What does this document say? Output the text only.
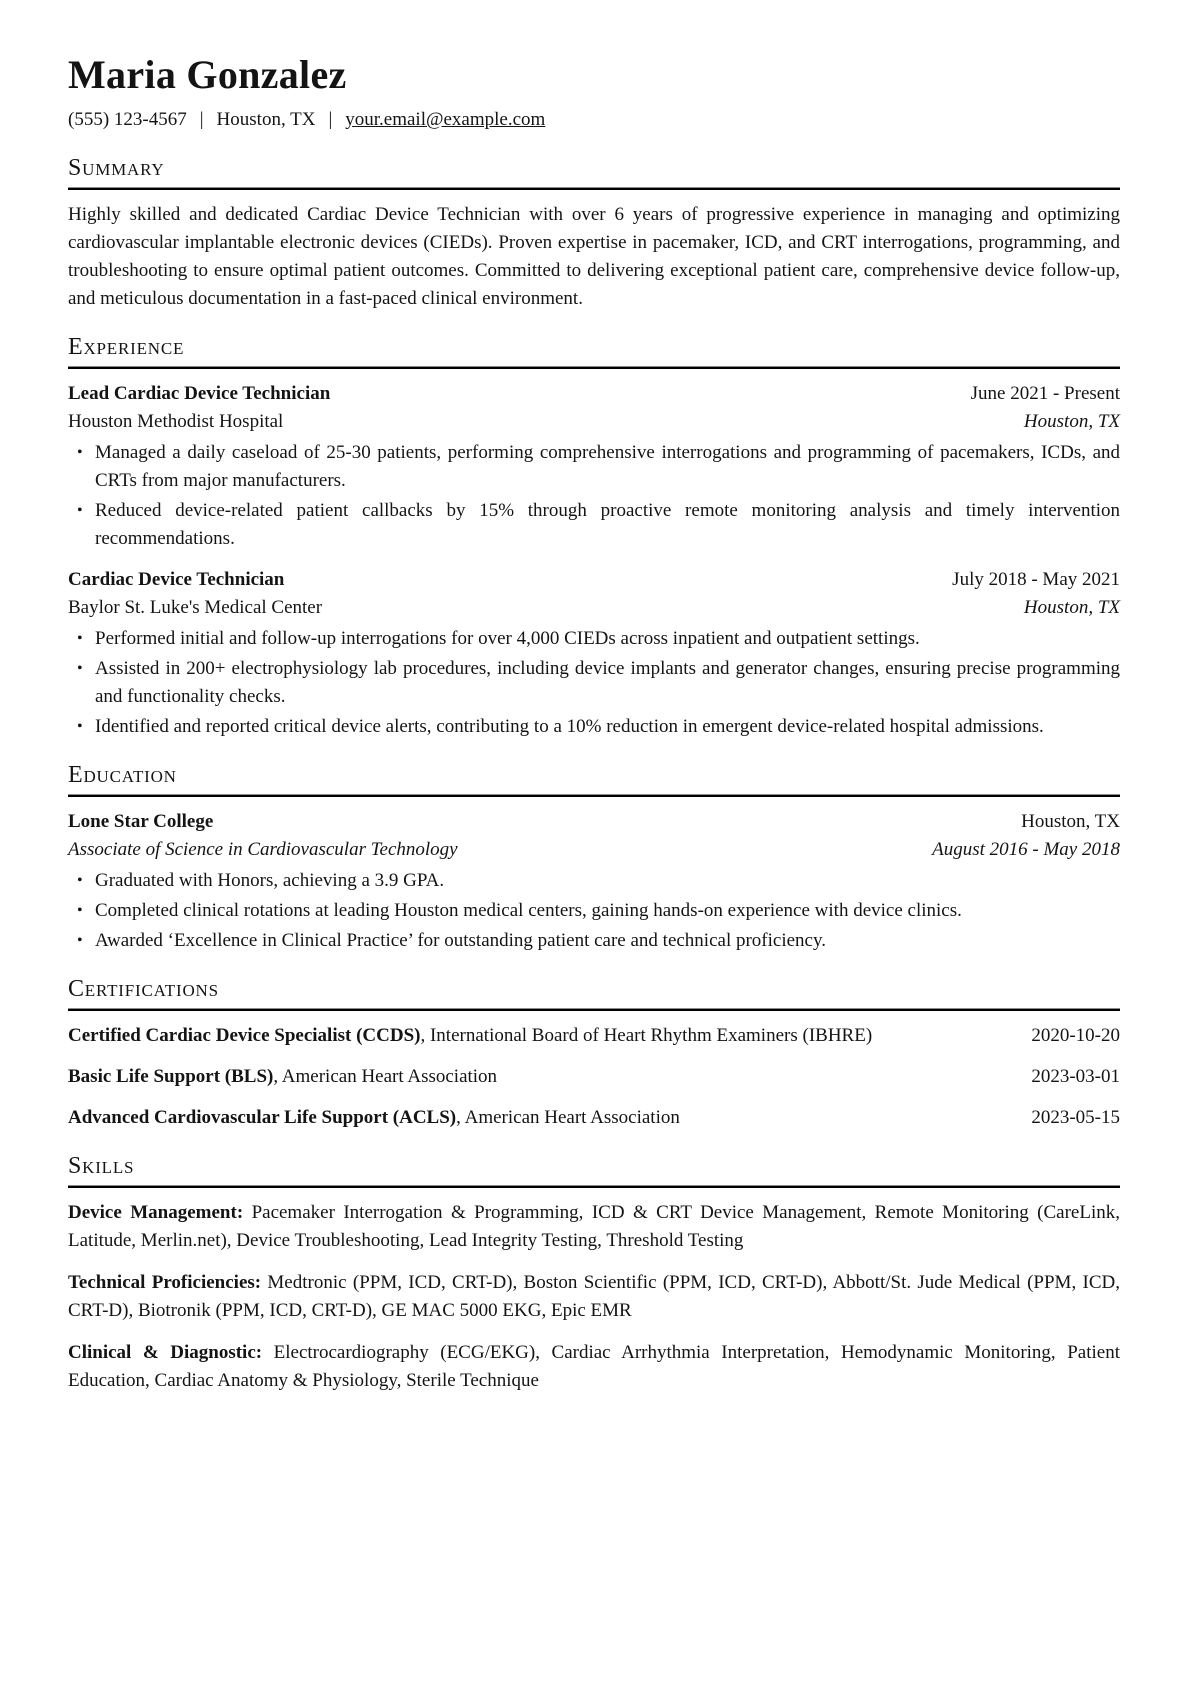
Maria Gonzalez
(555) 123-4567 | Houston, TX | your.email@example.com
Summary

Highly skilled and dedicated Cardiac Device Technician with over 6 years of progressive experience in managing and optimizing cardiovascular implantable electronic devices (CIEDs). Proven expertise in pacemaker, ICD, and CRT interrogations, programming, and troubleshooting to ensure optimal patient outcomes. Committed to delivering exceptional patient care, comprehensive device follow-up, and meticulous documentation in a fast-paced clinical environment.

Experience
Lead Cardiac Device Technician	June 2021 - Present
Houston Methodist Hospital	Houston, TX
• Managed a daily caseload of 25-30 patients, performing comprehensive interrogations and programming of pacemakers, ICDs, and CRTs from major manufacturers.
• Reduced device-related patient callbacks by 15% through proactive remote monitoring analysis and timely intervention recommendations.
Cardiac Device Technician	July 2018 - May 2021
Baylor St. Luke's Medical Center	Houston, TX
• Performed initial and follow-up interrogations for over 4,000 CIEDs across inpatient and outpatient settings.
• Assisted in 200+ electrophysiology lab procedures, including device implants and generator changes, ensuring precise programming and functionality checks.
• Identified and reported critical device alerts, contributing to a 10% reduction in emergent device-related hospital admissions.
Education
Lone Star College	Houston, TX
Associate of Science in Cardiovascular Technology	August 2016 - May 2018
• Graduated with Honors, achieving a 3.9 GPA.
• Completed clinical rotations at leading Houston medical centers, gaining hands-on experience with device clinics.
• Awarded ‘Excellence in Clinical Practice’ for outstanding patient care and technical proficiency.
Certifications
Certified Cardiac Device Specialist (CCDS), International Board of Heart Rhythm Examiners (IBHRE)	2020-10-20
Basic Life Support (BLS), American Heart Association	2023-03-01
Advanced Cardiovascular Life Support (ACLS), American Heart Association	2023-05-15
Skills

Device Management: Pacemaker Interrogation & Programming, ICD & CRT Device Management, Remote Monitoring (CareLink, Latitude, Merlin.net), Device Troubleshooting, Lead Integrity Testing, Threshold Testing

Technical Proficiencies: Medtronic (PPM, ICD, CRT-D), Boston Scientific (PPM, ICD, CRT-D), Abbott/St. Jude Medical (PPM, ICD, CRT-D), Biotronik (PPM, ICD, CRT-D), GE MAC 5000 EKG, Epic EMR

Clinical & Diagnostic: Electrocardiography (ECG/EKG), Cardiac Arrhythmia Interpretation, Hemodynamic Monitoring, Patient Education, Cardiac Anatomy & Physiology, Sterile Technique
